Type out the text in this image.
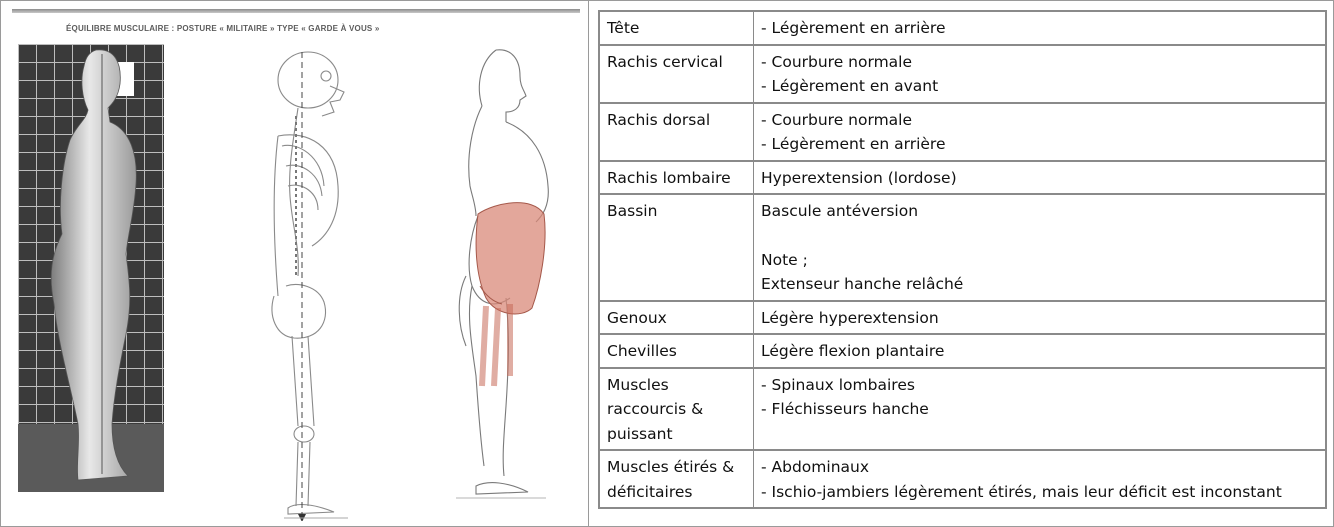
ÉQUILIBRE MUSCULAIRE : POSTURE « MILITAIRE » TYPE « GARDE À VOUS »	Tête	- Légèrement en arrière

Rachis cervical	- Courbure normale
- Légèrement en avant

Rachis dorsal	- Courbure normale
- Légèrement en arrière

Rachis lombaire	Hyperextension (lordose)

Bassin	Bascule antéversion
Note ;
Extenseur hanche relâché

Genoux	Légère hyperextension

Chevilles	Légère flexion plantaire

Muscles
raccourcis &
puissant	- Spinaux lombaires
- Fléchisseurs hanche

Muscles étirés &
déficitaires	- Abdominaux
- Ischio-jambiers légèrement étirés, mais leur déficit est inconstant
